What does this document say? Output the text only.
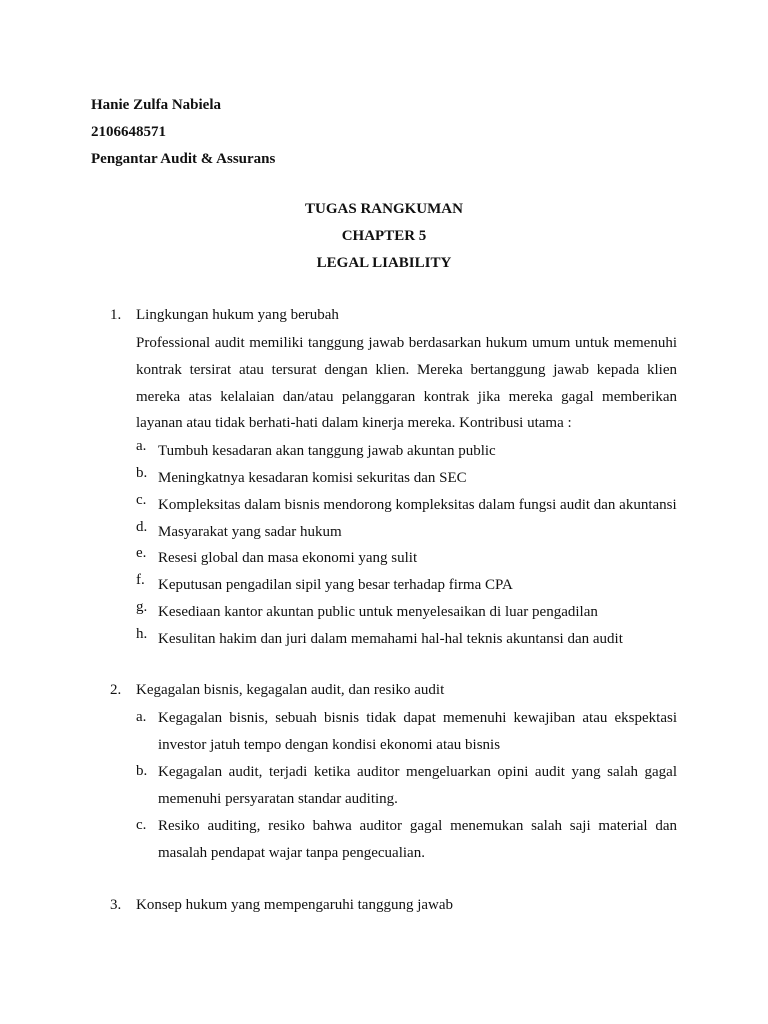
Hanie Zulfa Nabiela
2106648571
Pengantar Audit & Assurans
TUGAS RANGKUMAN
CHAPTER 5
LEGAL LIABILITY
1. Lingkungan hukum yang berubah
Professional audit memiliki tanggung jawab berdasarkan hukum umum untuk memenuhi kontrak tersirat atau tersurat dengan klien. Mereka bertanggung jawab kepada klien mereka atas kelalaian dan/atau pelanggaran kontrak jika mereka gagal memberikan layanan atau tidak berhati-hati dalam kinerja mereka. Kontribusi utama :
a. Tumbuh kesadaran akan tanggung jawab akuntan public
b. Meningkatnya kesadaran komisi sekuritas dan SEC
c. Kompleksitas dalam bisnis mendorong kompleksitas dalam fungsi audit dan akuntansi
d. Masyarakat yang sadar hukum
e. Resesi global dan masa ekonomi yang sulit
f. Keputusan pengadilan sipil yang besar terhadap firma CPA
g. Kesediaan kantor akuntan public untuk menyelesaikan di luar pengadilan
h. Kesulitan hakim dan juri dalam memahami hal-hal teknis akuntansi dan audit
2. Kegagalan bisnis, kegagalan audit, dan resiko audit
a. Kegagalan bisnis, sebuah bisnis tidak dapat memenuhi kewajiban atau ekspektasi investor jatuh tempo dengan kondisi ekonomi atau bisnis
b. Kegagalan audit, terjadi ketika auditor mengeluarkan opini audit yang salah gagal memenuhi persyaratan standar auditing.
c. Resiko auditing, resiko bahwa auditor gagal menemukan salah saji material dan masalah pendapat wajar tanpa pengecualian.
3. Konsep hukum yang mempengaruhi tanggung jawab
